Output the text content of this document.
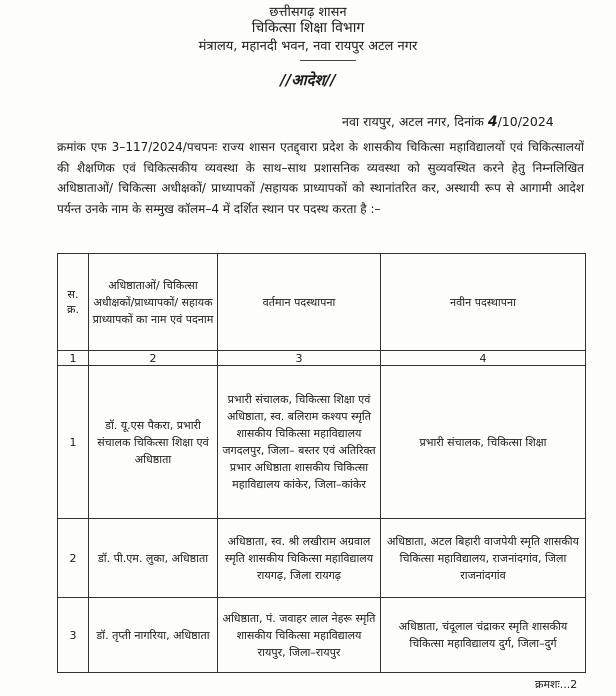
छत्तीसगढ़ शासन
चिकित्सा शिक्षा विभाग
मंत्रालय, महानदी भवन, नवा रायपुर अटल नगर
//आदेश//
नवा रायपुर, अटल नगर, दिनांक 4/10/2024
क्रमांक एफ 3–117/2024/पचपनः राज्य शासन एतद्द्वारा प्रदेश के शासकीय चिकित्सा महाविद्यालयों एवं चिकित्सालयों की शैक्षणिक एवं चिकित्सकीय व्यवस्था के साथ–साथ प्रशासनिक व्यवस्था को सुव्यवस्थित करने हेतु निम्नलिखित अधिष्ठाताओं/ चिकित्सा अधीक्षकों/ प्राध्यापकों /सहायक प्राध्यापकों को स्थानांतरित कर, अस्थायी रूप से आगामी आदेश पर्यन्त उनके नाम के सम्मुख कॉलम–4 में दर्शित स्थान पर पदस्थ करता है :–
स. क्र.	अधिष्ठाताओं/ चिकित्सा अधीक्षकों/प्राध्यापकों/ सहायक प्राध्यापकों का नाम एवं पदनाम	वर्तमान पदस्थापना	नवीन पदस्थापना
1	2	3	4
1	डॉ. यू.एस पैकरा, प्रभारी संचालक चिकित्सा शिक्षा एवं अधिष्ठाता	प्रभारी संचालक, चिकित्सा शिक्षा एवं अधिष्ठाता, स्व. बलिराम कश्यप स्मृति शासकीय चिकित्सा महाविद्यालय जगदलपुर, जिला– बस्तर एवं अतिरिक्त प्रभार अधिष्ठाता शासकीय चिकित्सा महाविद्यालय कांकेर, जिला–कांकेर	प्रभारी संचालक, चिकित्सा शिक्षा
2	डॉ. पी.एम. लुका, अधिष्ठाता	अधिष्ठाता, स्व. श्री लखीराम अग्रवाल स्मृति शासकीय चिकित्सा महाविद्यालय रायगढ़, जिला रायगढ़	अधिष्ठाता, अटल बिहारी वाजपेयी स्मृति शासकीय चिकित्सा महाविद्यालय, राजनांदगांव, जिला राजनांदगांव
3	डॉ. तृप्ती नागरिया, अधिष्ठाता	अधिष्ठाता, पं. जवाहर लाल नेहरू स्मृति शासकीय चिकित्सा महाविद्यालय रायपुर, जिला–रायपुर	अधिष्ठाता, चंदूलाल चंद्राकर स्मृति शासकीय चिकित्सा महाविद्यालय दुर्ग, जिला–दुर्ग
क्रमशः...2
